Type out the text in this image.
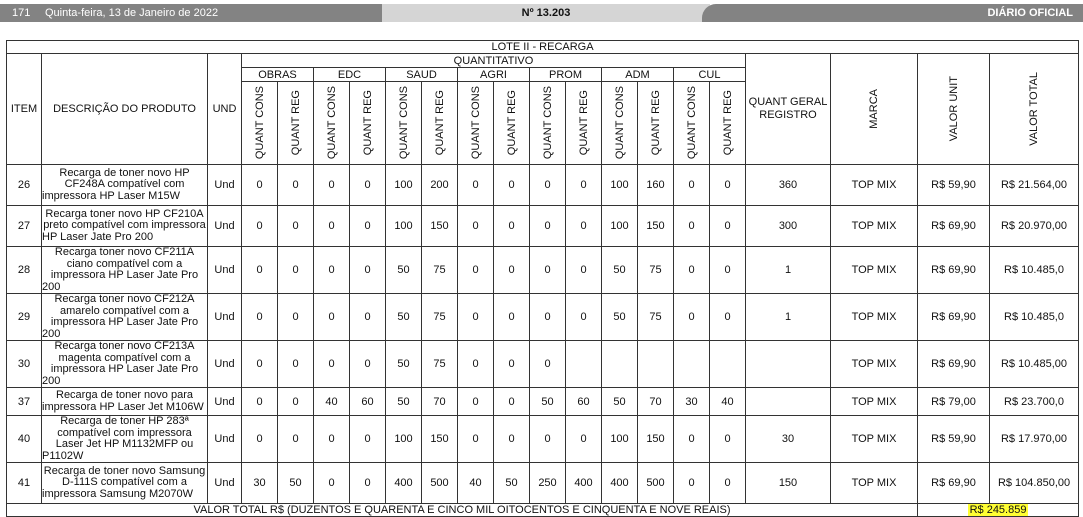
171 Quinta-feira, 13 de Janeiro de 2022	Nº 13.203	DIÁRIO OFICIAL
LOTE II - RECARGA																				
ITEM	DESCRIÇÃO DO PRODUTO	UND	QUANTITATIVO														QUANT GERAL REGISTRO	MARCA	VALOR UNIT	VALOR TOTAL

			OBRAS		EDC		SAUD		AGRI		PROM		ADM		CUL					

			QUANT CONS	QUANT REG	QUANT CONS	QUANT REG	QUANT CONS	QUANT REG	QUANT CONS	QUANT REG	QUANT CONS	QUANT REG	QUANT CONS	QUANT REG	QUANT CONS	QUANT REG				

26	Recarga de toner novo HP CF248A compatível com impressora HP Laser M15W	Und	0	0	0	0	100	200	0	0	0	0	100	160	0	0	360	TOP MIX	R$ 59,90	R$ 21.564,00
27	Recarga toner novo HP CF210A preto compatível com impressora HP Laser Jate Pro 200	Und	0	0	0	0	100	150	0	0	0	0	100	150	0	0	300	TOP MIX	R$ 69,90	R$ 20.970,00
28	Recarga toner novo CF211A ciano compatível com a impressora HP Laser Jate Pro 200	Und	0	0	0	0	50	75	0	0	0	0	50	75	0	0	1	TOP MIX	R$ 69,90	R$ 10.485,0
29	Recarga toner novo CF212A amarelo compatível com a impressora HP Laser Jate Pro 200	Und	0	0	0	0	50	75	0	0	0	0	50	75	0	0	1	TOP MIX	R$ 69,90	R$ 10.485,0
30	Recarga toner novo CF213A magenta compatível com a impressora HP Laser Jate Pro 200	Und	0	0	0	0	50	75	0	0	0							TOP MIX	R$ 69,90	R$ 10.485,00
37	Recarga de toner novo para impressora HP Laser Jet M106W	Und	0	0	40	60	50	70	0	0	50	60	50	70	30	40		TOP MIX	R$ 79,00	R$ 23.700,0
40	Recarga de toner HP 283ª compatível com impressora Laser Jet HP M1132MFP ou P1102W	Und	0	0	0	0	100	150	0	0	0	0	100	150	0	0	30	TOP MIX	R$ 59,90	R$ 17.970,00
41	Recarga de toner novo Samsung D-111S compatível com a impressora Samsung M2070W	Und	30	50	0	0	400	500	40	50	250	400	400	500	0	0	150	TOP MIX	R$ 69,90	R$ 104.850,00
VALOR TOTAL R$ (DUZENTOS E QUARENTA E CINCO MIL OITOCENTOS E CINQUENTA E NOVE REAIS)																			R$ 245.859	
